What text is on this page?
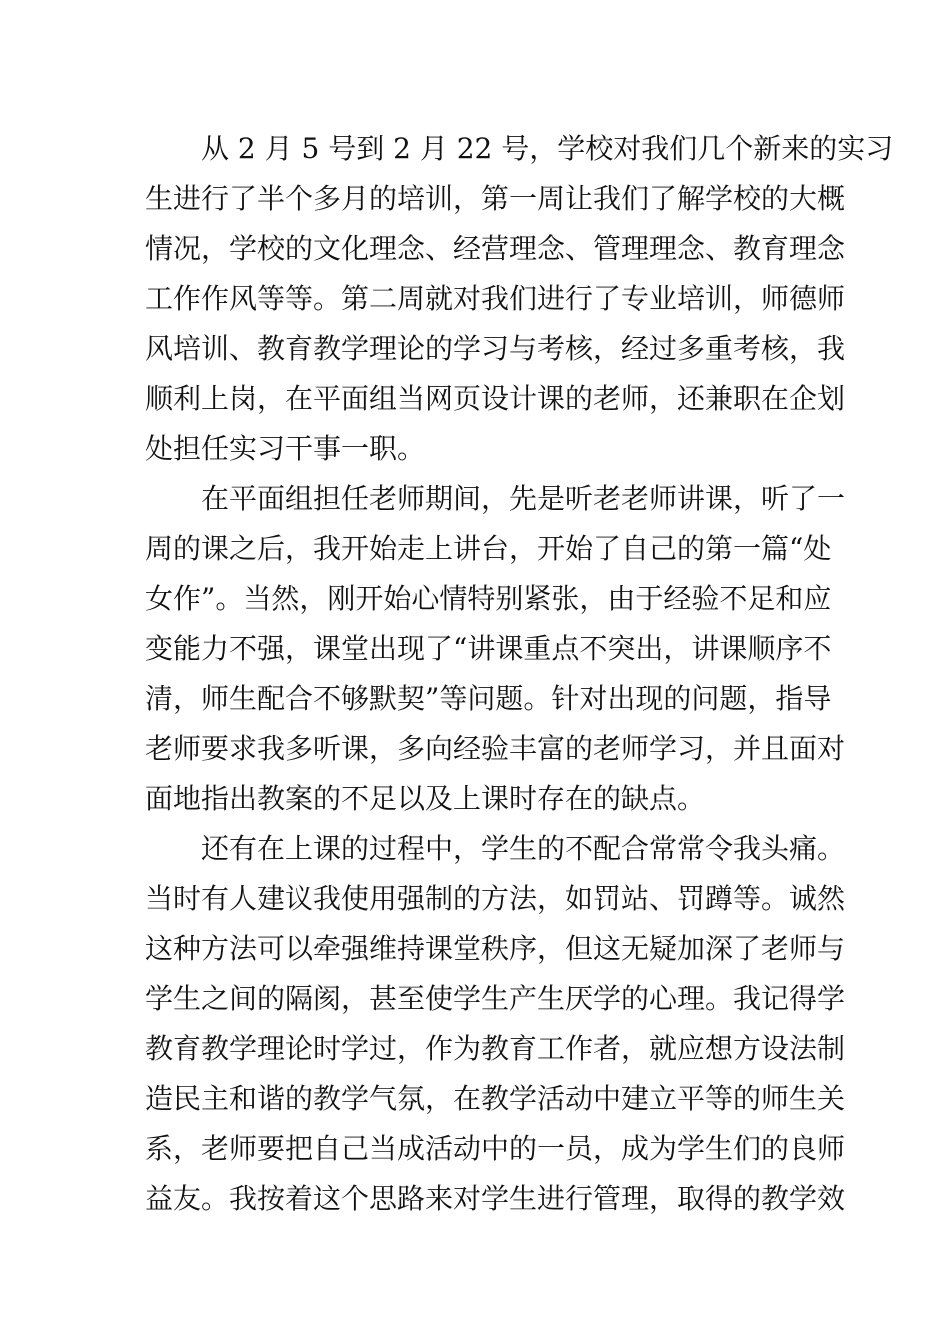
从 2 月 5 号到 2 月 22 号，学校对我们几个新来的实习
生进行了半个多月的培训，第一周让我们了解学校的大概
情况，学校的文化理念、经营理念、管理理念、教育理念
工作作风等等。第二周就对我们进行了专业培训，师德师
风培训、教育教学理论的学习与考核，经过多重考核，我
顺利上岗，在平面组当网页设计课的老师，还兼职在企划
处担任实习干事一职。
在平面组担任老师期间，先是听老老师讲课，听了一
周的课之后，我开始走上讲台，开始了自己的第一篇“处
女作”。当然，刚开始心情特别紧张，由于经验不足和应
变能力不强，课堂出现了“讲课重点不突出，讲课顺序不
清，师生配合不够默契”等问题。针对出现的问题，指导
老师要求我多听课，多向经验丰富的老师学习，并且面对
面地指出教案的不足以及上课时存在的缺点。
还有在上课的过程中，学生的不配合常常令我头痛。
当时有人建议我使用强制的方法，如罚站、罚蹲等。诚然
这种方法可以牵强维持课堂秩序，但这无疑加深了老师与
学生之间的隔阂，甚至使学生产生厌学的心理。我记得学
教育教学理论时学过，作为教育工作者，就应想方设法制
造民主和谐的教学气氛，在教学活动中建立平等的师生关
系，老师要把自己当成活动中的一员，成为学生们的良师
益友。我按着这个思路来对学生进行管理，取得的教学效
